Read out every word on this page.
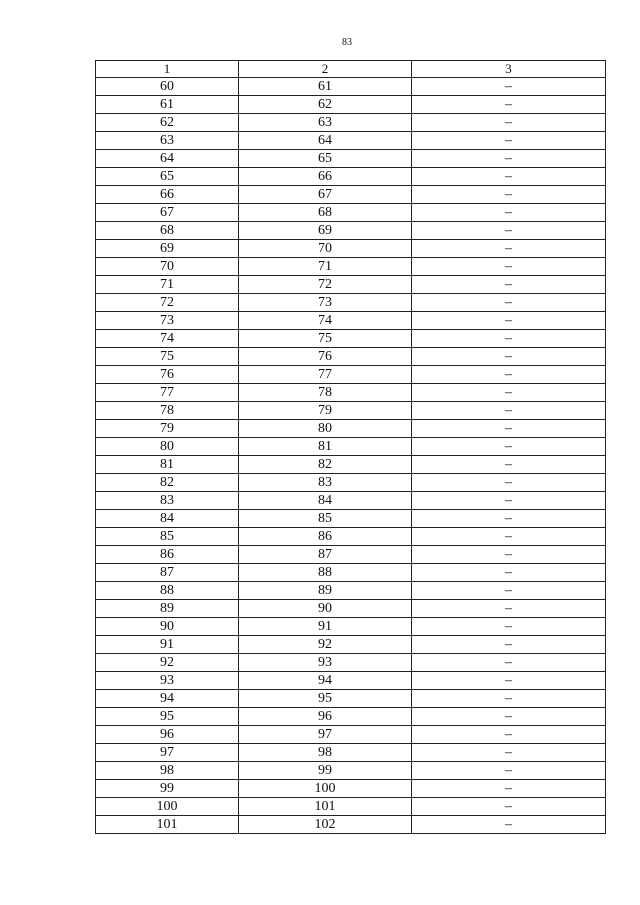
83
1	2	3
60	61	–
61	62	–
62	63	–
63	64	–
64	65	–
65	66	–
66	67	–
67	68	–
68	69	–
69	70	–
70	71	–
71	72	–
72	73	–
73	74	–
74	75	–
75	76	–
76	77	–
77	78	–
78	79	–
79	80	–
80	81	–
81	82	–
82	83	–
83	84	–
84	85	–
85	86	–
86	87	–
87	88	–
88	89	–
89	90	–
90	91	–
91	92	–
92	93	–
93	94	–
94	95	–
95	96	–
96	97	–
97	98	–
98	99	–
99	100	–
100	101	–
101	102	–
